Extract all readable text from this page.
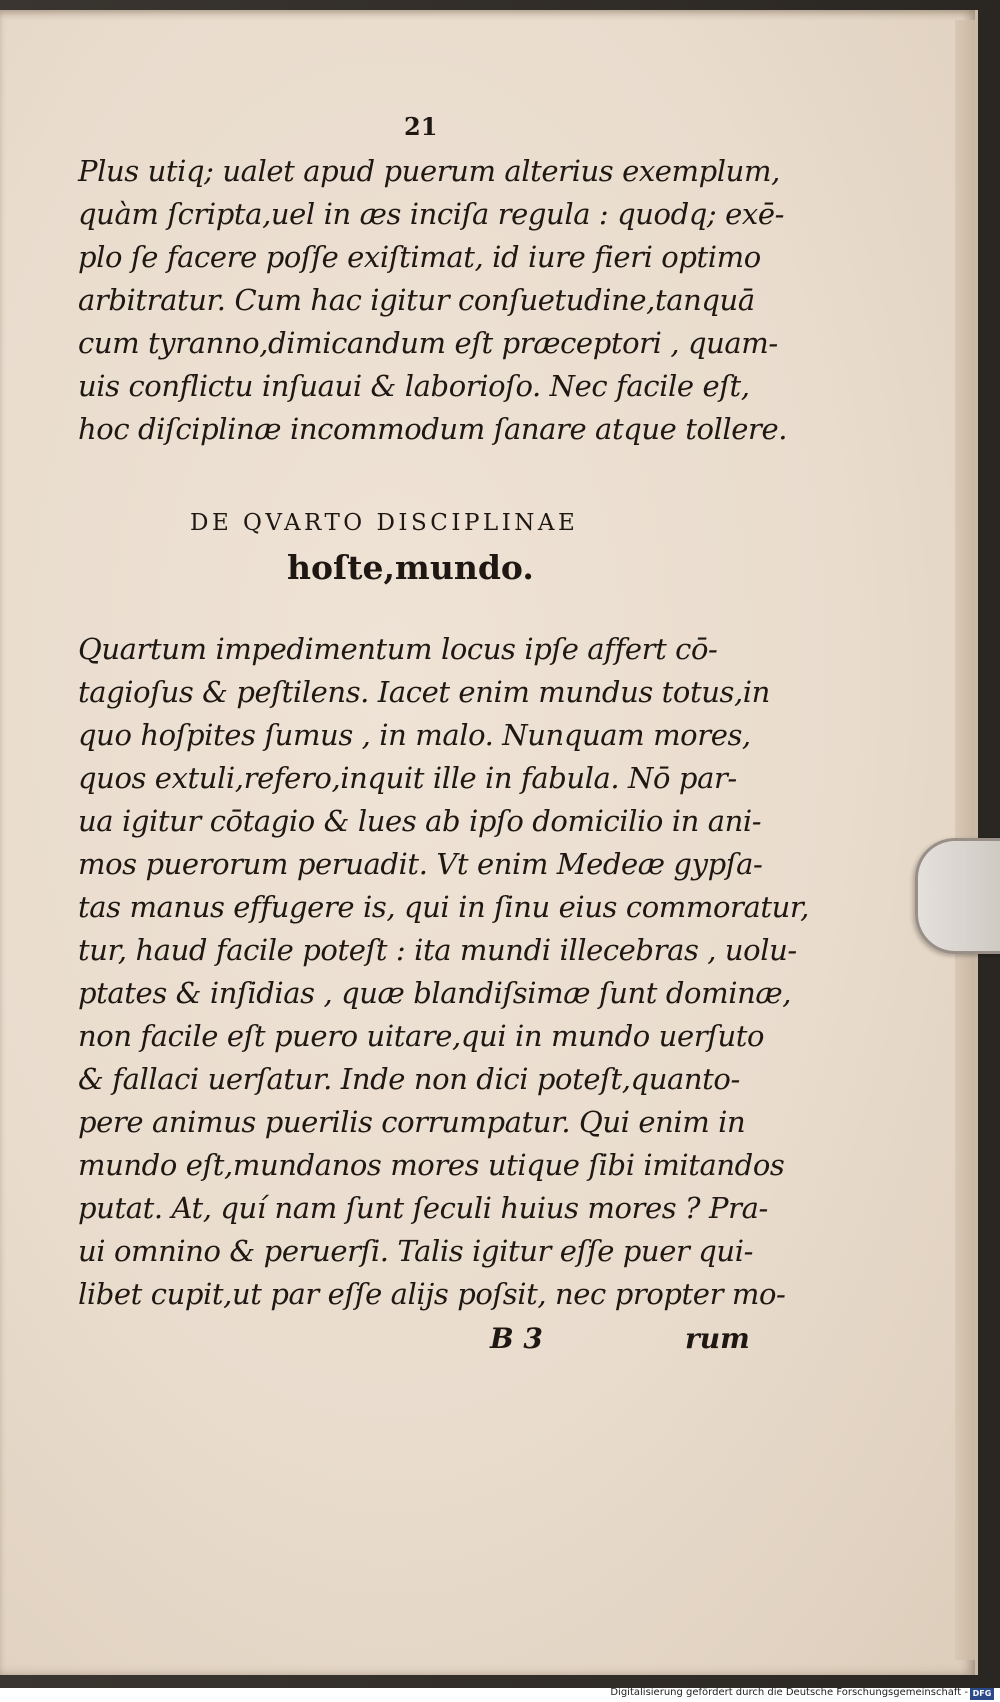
21
Plus utiq; ualet apud puerum alterius exemplum,
quàm ſcripta,uel in æs inciſa regula : quodq; exē-
plo ſe facere poſſe exiſtimat, id iure fieri optimo
arbitratur. Cum hac igitur conſuetudine,tanquā
cum tyranno,dimicandum eſt præceptori , quam-
uis conflictu inſuaui & laborioſo. Nec facile eſt,
hoc diſciplinæ incommodum ſanare atque tollere.
DE QVARTO DISCIPLINAE
hoſte,mundo.
Quartum impedimentum locus ipſe affert cō-
tagioſus & peſtilens. Iacet enim mundus totus,in
quo hoſpites ſumus , in malo. Nunquam mores,
quos extuli,refero,inquit ille in fabula. Nō par-
ua igitur cōtagio & lues ab ipſo domicilio in ani-
mos puerorum peruadit. Vt enim Medeæ gypſa-
tas manus effugere is, qui in ſinu eius commoratur,
tur, haud facile poteſt : ita mundi illecebras , uolu-
ptates & inſidias , quæ blandiſsimæ ſunt dominæ,
non facile eſt puero uitare,qui in mundo uerſuto
& fallaci uerſatur. Inde non dici poteſt,quanto-
pere animus puerilis corrumpatur. Qui enim in
mundo eſt,mundanos mores utique ſibi imitandos
putat. At, quí nam ſunt ſeculi huius mores ? Pra-
ui omnino & peruerſi. Talis igitur eſſe puer qui-
libet cupit,ut par eſſe alijs poſsit, nec propter mo-
B 3	rum
Digitalisierung gefördert durch die Deutsche Forschungsgemeinschaft - DFG
